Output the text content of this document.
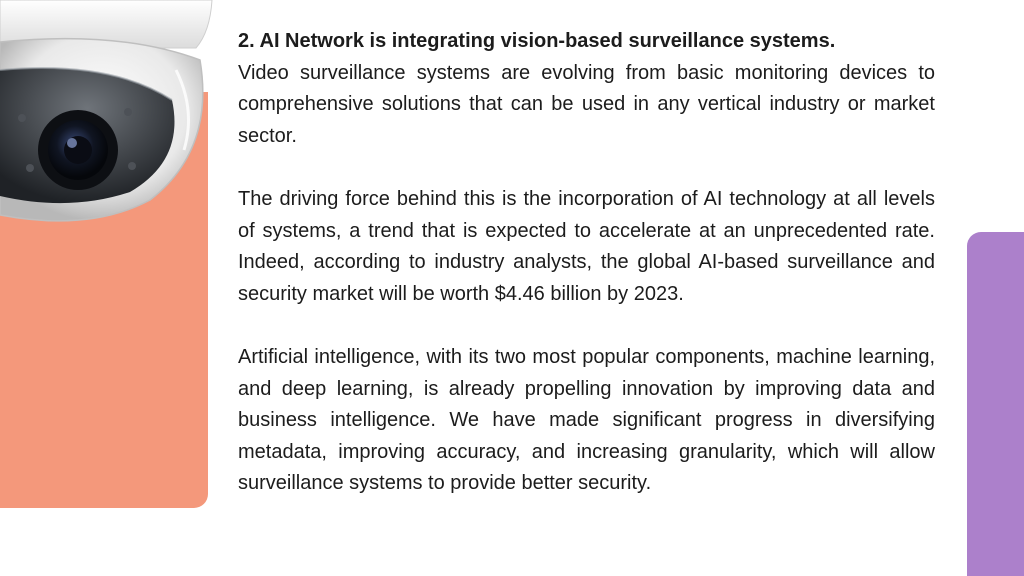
2. AI Network is integrating vision-based surveillance systems.

Video surveillance systems are evolving from basic monitoring devices to comprehensive solutions that can be used in any vertical industry or market sector.

The driving force behind this is the incorporation of AI technology at all levels of systems, a trend that is expected to accelerate at an unprecedented rate. Indeed, according to industry analysts, the global AI-based surveillance and security market will be worth $4.46 billion by 2023.

Artificial intelligence, with its two most popular components, machine learning, and deep learning, is already propelling innovation by improving data and business intelligence. We have made significant progress in diversifying metadata, improving accuracy, and increasing granularity, which will allow surveillance systems to provide better security.
